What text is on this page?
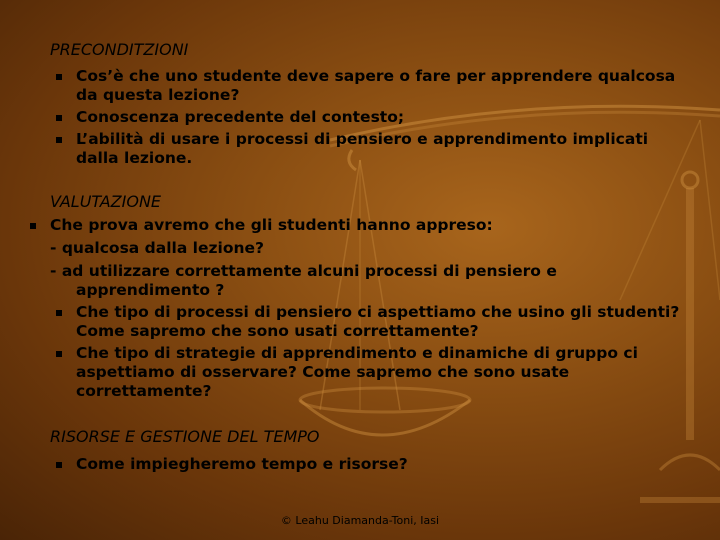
PRECONDITZIONI

Cos’è che uno studente deve sapere o fare per apprendere qualcosa da questa lezione?
Conoscenza precedente del contesto;
L’abilità di usare i processi di pensiero e apprendimento implicati dalla lezione.

VALUTAZIONE

Che prova avremo che gli studenti hanno appreso:
- qualcosa dalla lezione?
- ad utilizzare correttamente alcuni processi di pensiero e apprendimento ?
Che tipo di processi di pensiero ci aspettiamo che usino gli studenti? Come sapremo che sono usati correttamente?
Che tipo di strategie di apprendimento e dinamiche di gruppo ci aspettiamo di osservare? Come sapremo che sono usate correttamente?

RISORSE E GESTIONE DEL TEMPO

Come impiegheremo tempo e risorse?
© Leahu Diamanda-Toni, Iasi
